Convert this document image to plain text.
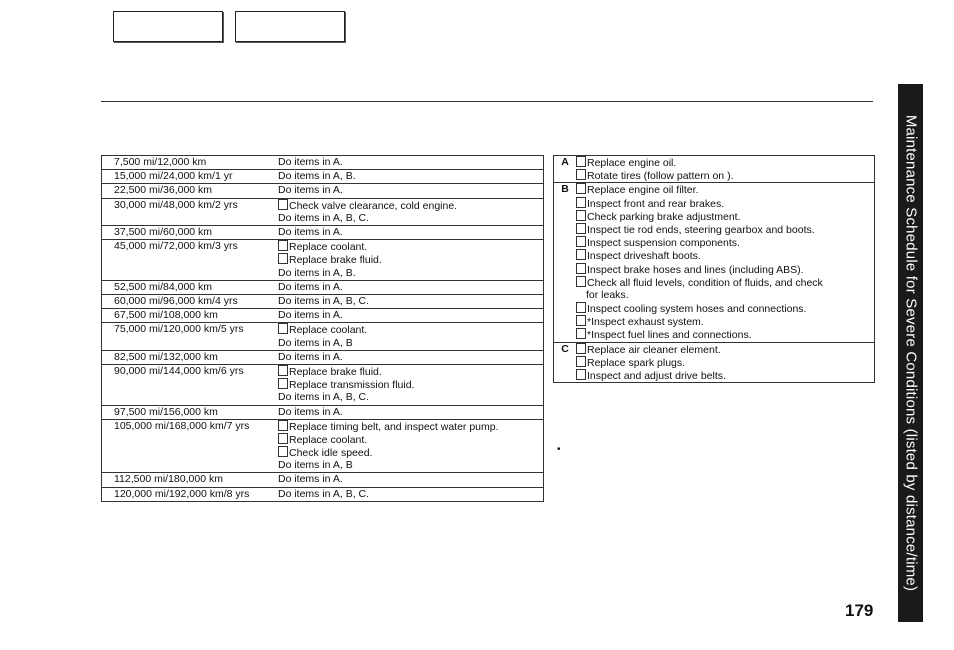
7,500 mi/12,000 km	Do items in A.
15,000 mi/24,000 km/1 yr	Do items in A, B.
22,500 mi/36,000 km	Do items in A.
30,000 mi/48,000 km/2 yrs	Check valve clearance, cold engine.
Do items in A, B, C.
37,500 mi/60,000 km	Do items in A.
45,000 mi/72,000 km/3 yrs	Replace coolant.
Replace brake fluid.
Do items in A, B.
52,500 mi/84,000 km	Do items in A.
60,000 mi/96,000 km/4 yrs	Do items in A, B, C.
67,500 mi/108,000 km	Do items in A.
75,000 mi/120,000 km/5 yrs	Replace coolant.
Do items in A, B
82,500 mi/132,000 km	Do items in A.
90,000 mi/144,000 km/6 yrs	Replace brake fluid.
Replace transmission fluid.
Do items in A, B, C.
97,500 mi/156,000 km	Do items in A.
105,000 mi/168,000 km/7 yrs	Replace timing belt, and inspect water pump.
Replace coolant.
Check idle speed.
Do items in A, B
112,500 mi/180,000 km	Do items in A.
120,000 mi/192,000 km/8 yrs	Do items in A, B, C.
A	Replace engine oil.
Rotate tires (follow pattern on ).
B	Replace engine oil filter.
Inspect front and rear brakes.
Check parking brake adjustment.
Inspect tie rod ends, steering gearbox and boots.
Inspect suspension components.
Inspect driveshaft boots.
Inspect brake hoses and lines (including ABS).
Check all fluid levels, condition of fluids, and check
for leaks.
Inspect cooling system hoses and connections.
*Inspect exhaust system.
*Inspect fuel lines and connections.
C	Replace air cleaner element.
Replace spark plugs.
Inspect and adjust drive belts.
•	Maintenance Schedule for Severe Conditions (listed by distance/time)
179
